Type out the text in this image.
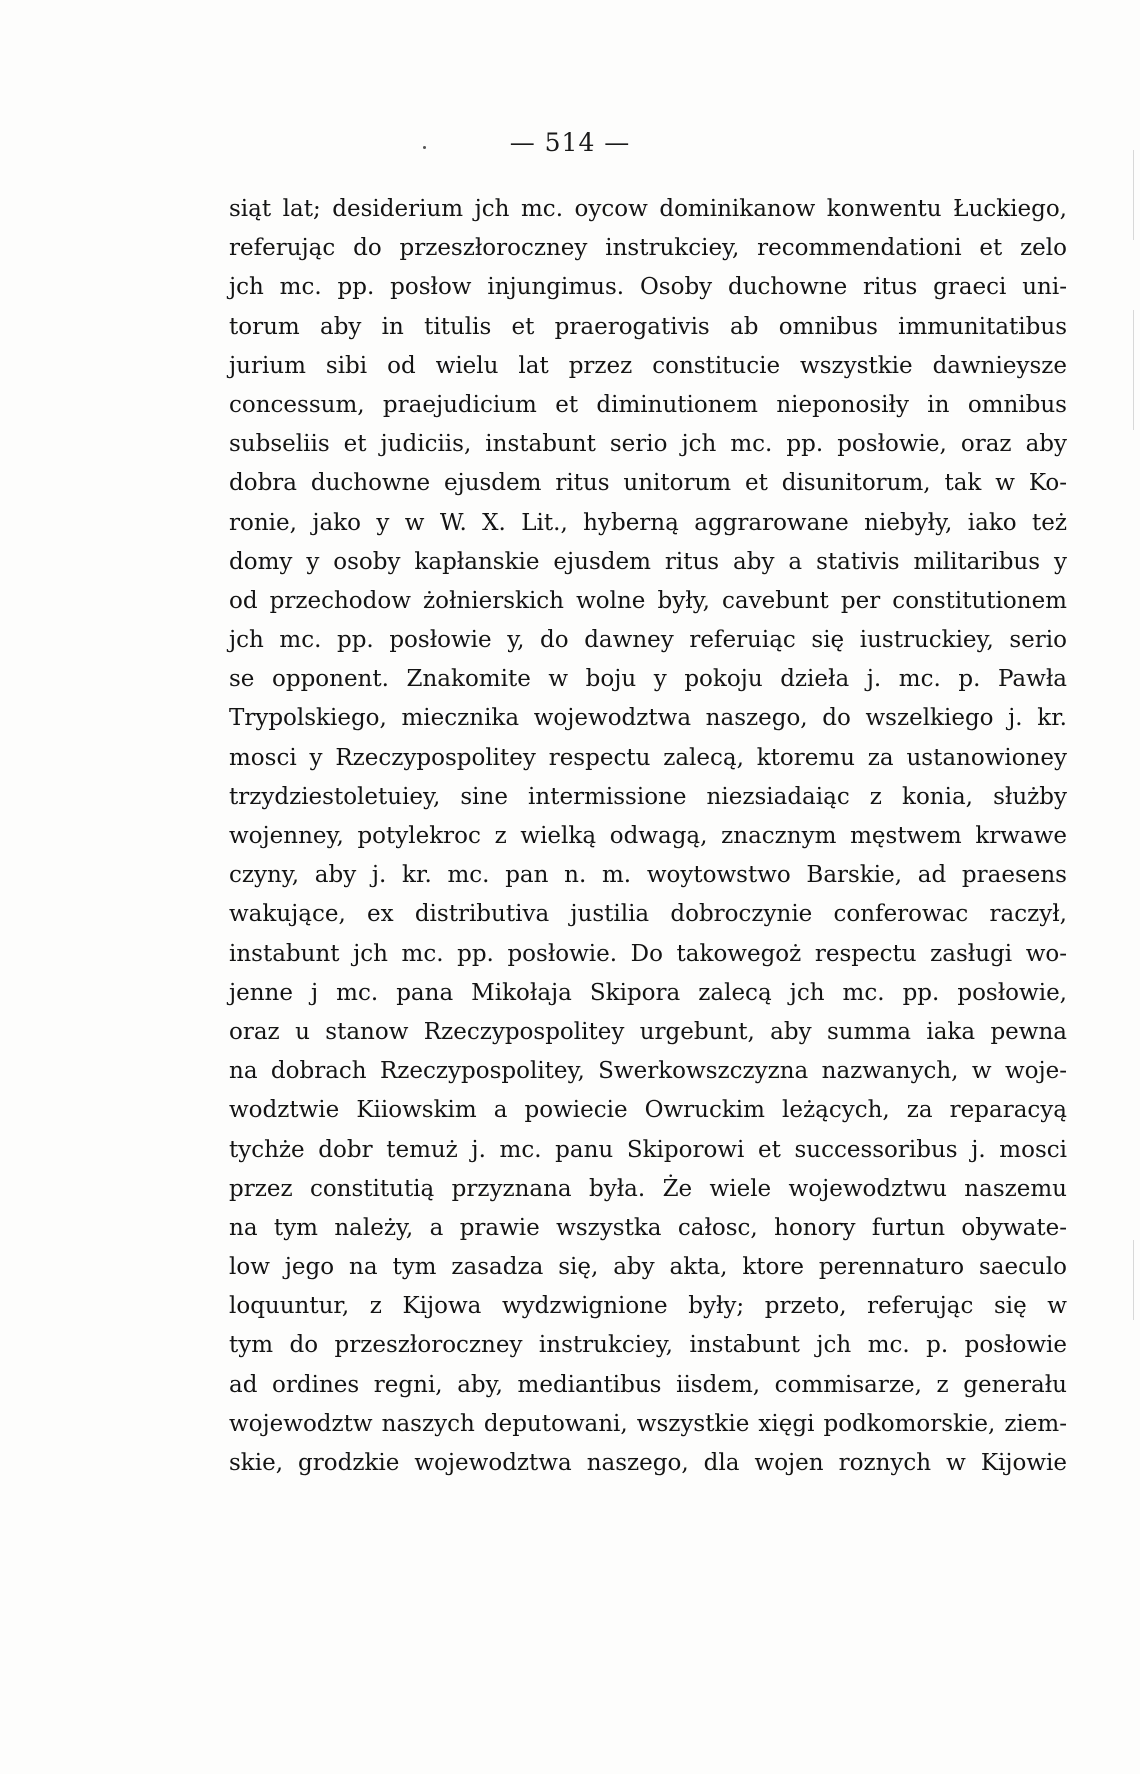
— 514 —
siąt lat; desiderium jch mc. oycow dominikanow konwentu Łuckiego,
referując do przeszłoroczney instrukciey, recommendationi et zelo
jch mc. pp. posłow injungimus. Osoby duchowne ritus graeci uni-
torum aby in titulis et praerogativis ab omnibus immunitatibus
jurium sibi od wielu lat przez constitucie wszystkie dawnieysze
concessum, praejudicium et diminutionem nieponosiły in omnibus
subseliis et judiciis, instabunt serio jch mc. pp. posłowie, oraz aby
dobra duchowne ejusdem ritus unitorum et disunitorum, tak w Ko-
ronie, jako y w W. X. Lit., hyberną aggrarowane niebyły, iako też
domy y osoby kapłanskie ejusdem ritus aby a stativis militaribus y
od przechodow żołnierskich wolne były, cavebunt per constitutionem
jch mc. pp. posłowie y, do dawney referuiąc się iustruckiey, serio
se opponent. Znakomite w boju y pokoju dzieła j. mc. p. Pawła
Trypolskiego, miecznika wojewodztwa naszego, do wszelkiego j. kr.
mosci y Rzeczypospolitey respectu zalecą, ktoremu za ustanowioney
trzydziestoletuiey, sine intermissione niezsiadaiąc z konia, służby
wojenney, potylekroc z wielką odwagą, znacznym męstwem krwawe
czyny, aby j. kr. mc. pan n. m. woytowstwo Barskie, ad praesens
wakujące, ex distributiva justilia dobroczynie conferowac raczył,
instabunt jch mc. pp. posłowie. Do takowegoż respectu zasługi wo-
jenne j mc. pana Mikołaja Skipora zalecą jch mc. pp. posłowie,
oraz u stanow Rzeczypospolitey urgebunt, aby summa iaka pewna
na dobrach Rzeczypospolitey, Swerkowszczyzna nazwanych, w woje-
wodztwie Kiiowskim a powiecie Owruckim leżących, za reparacyą
tychże dobr temuż j. mc. panu Skiporowi et successoribus j. mosci
przez constitutią przyznana była. Że wiele wojewodztwu naszemu
na tym należy, a prawie wszystka całosc, honory furtun obywate-
low jego na tym zasadza się, aby akta, ktore perennaturo saeculo
loquuntur, z Kijowa wydzwignione były; przeto, referując się w
tym do przeszłoroczney instrukciey, instabunt jch mc. p. posłowie
ad ordines regni, aby, mediantibus iisdem, commisarze, z generału
wojewodztw naszych deputowani, wszystkie xięgi podkomorskie, ziem-
skie, grodzkie wojewodztwa naszego, dla wojen roznych w Kijowie
